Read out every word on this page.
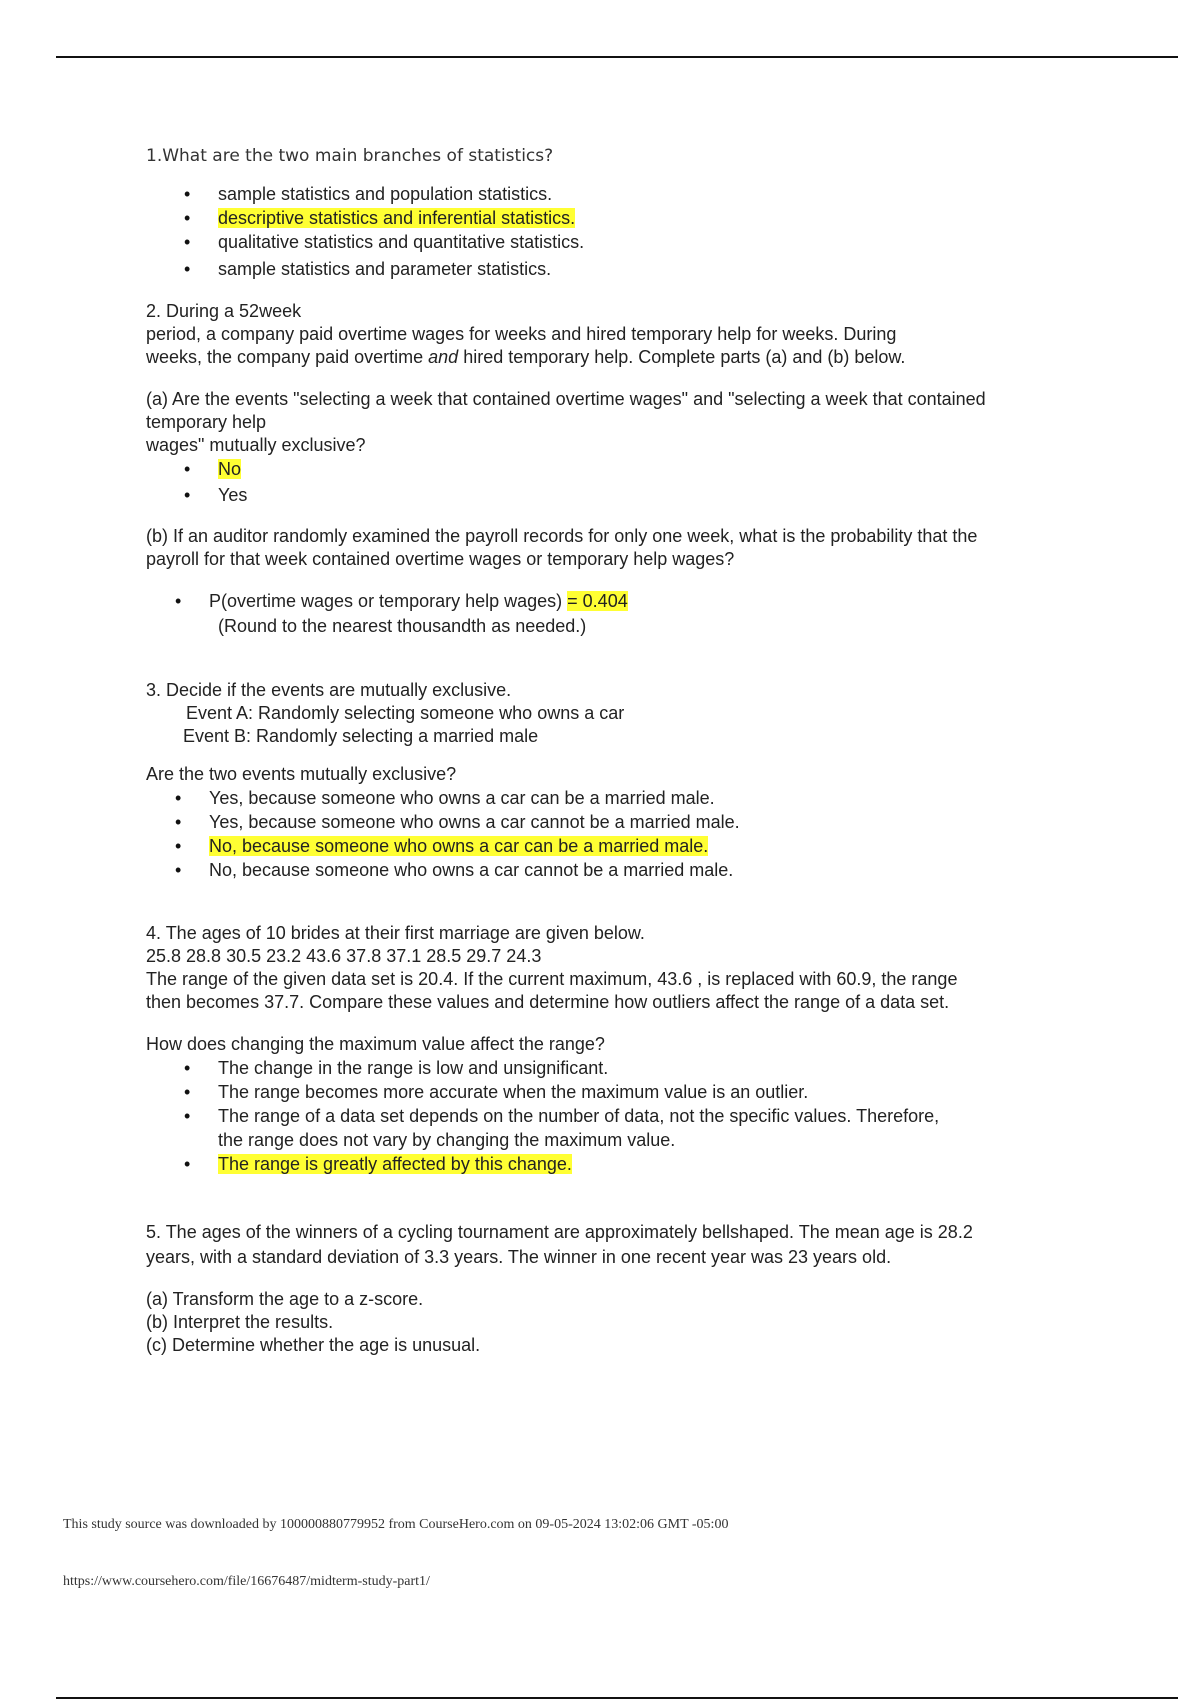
1.What are the two main branches of statistics?

• sample statistics and population statistics.
• descriptive statistics and inferential statistics.
• qualitative statistics and quantitative statistics.
• sample statistics and parameter statistics.

2. During a 52week

period, a company paid overtime wages for weeks and hired temporary help for weeks. During

weeks, the company paid overtime and hired temporary help. Complete parts (a) and (b) below.

(a) Are the events "selecting a week that contained overtime wages" and "selecting a week that contained

temporary help

wages" mutually exclusive?

• No
• Yes

(b) If an auditor randomly examined the payroll records for only one week, what is the probability that the

payroll for that week contained overtime wages or temporary help wages?

• P(overtime wages or temporary help wages) = 0.404

(Round to the nearest thousandth as needed.)

3. Decide if the events are mutually exclusive.

Event A: Randomly selecting someone who owns a car

Event B: Randomly selecting a married male

Are the two events mutually exclusive?

• Yes, because someone who owns a car can be a married male.
• Yes, because someone who owns a car cannot be a married male.
• No, because someone who owns a car can be a married male.
• No, because someone who owns a car cannot be a married male.

4. The ages of 10 brides at their first marriage are given below.

25.8 28.8 30.5 23.2 43.6 37.8 37.1 28.5 29.7 24.3

The range of the given data set is 20.4. If the current maximum, 43.6 , is replaced with 60.9, the range

then becomes 37.7. Compare these values and determine how outliers affect the range of a data set.

How does changing the maximum value affect the range?

• The change in the range is low and unsignificant.
• The range becomes more accurate when the maximum value is an outlier.
• The range of a data set depends on the number of data, not the specific values. Therefore,
the range does not vary by changing the maximum value.
• The range is greatly affected by this change.

5. The ages of the winners of a cycling tournament are approximately bellshaped. The mean age is 28.2

years, with a standard deviation of 3.3 years. The winner in one recent year was 23 years old.

(a) Transform the age to a z-score.

(b) Interpret the results.

(c) Determine whether the age is unusual.

This study source was downloaded by 100000880779952 from CourseHero.com on 09-05-2024 13:02:06 GMT -05:00
https://www.coursehero.com/file/16676487/midterm-study-part1/
